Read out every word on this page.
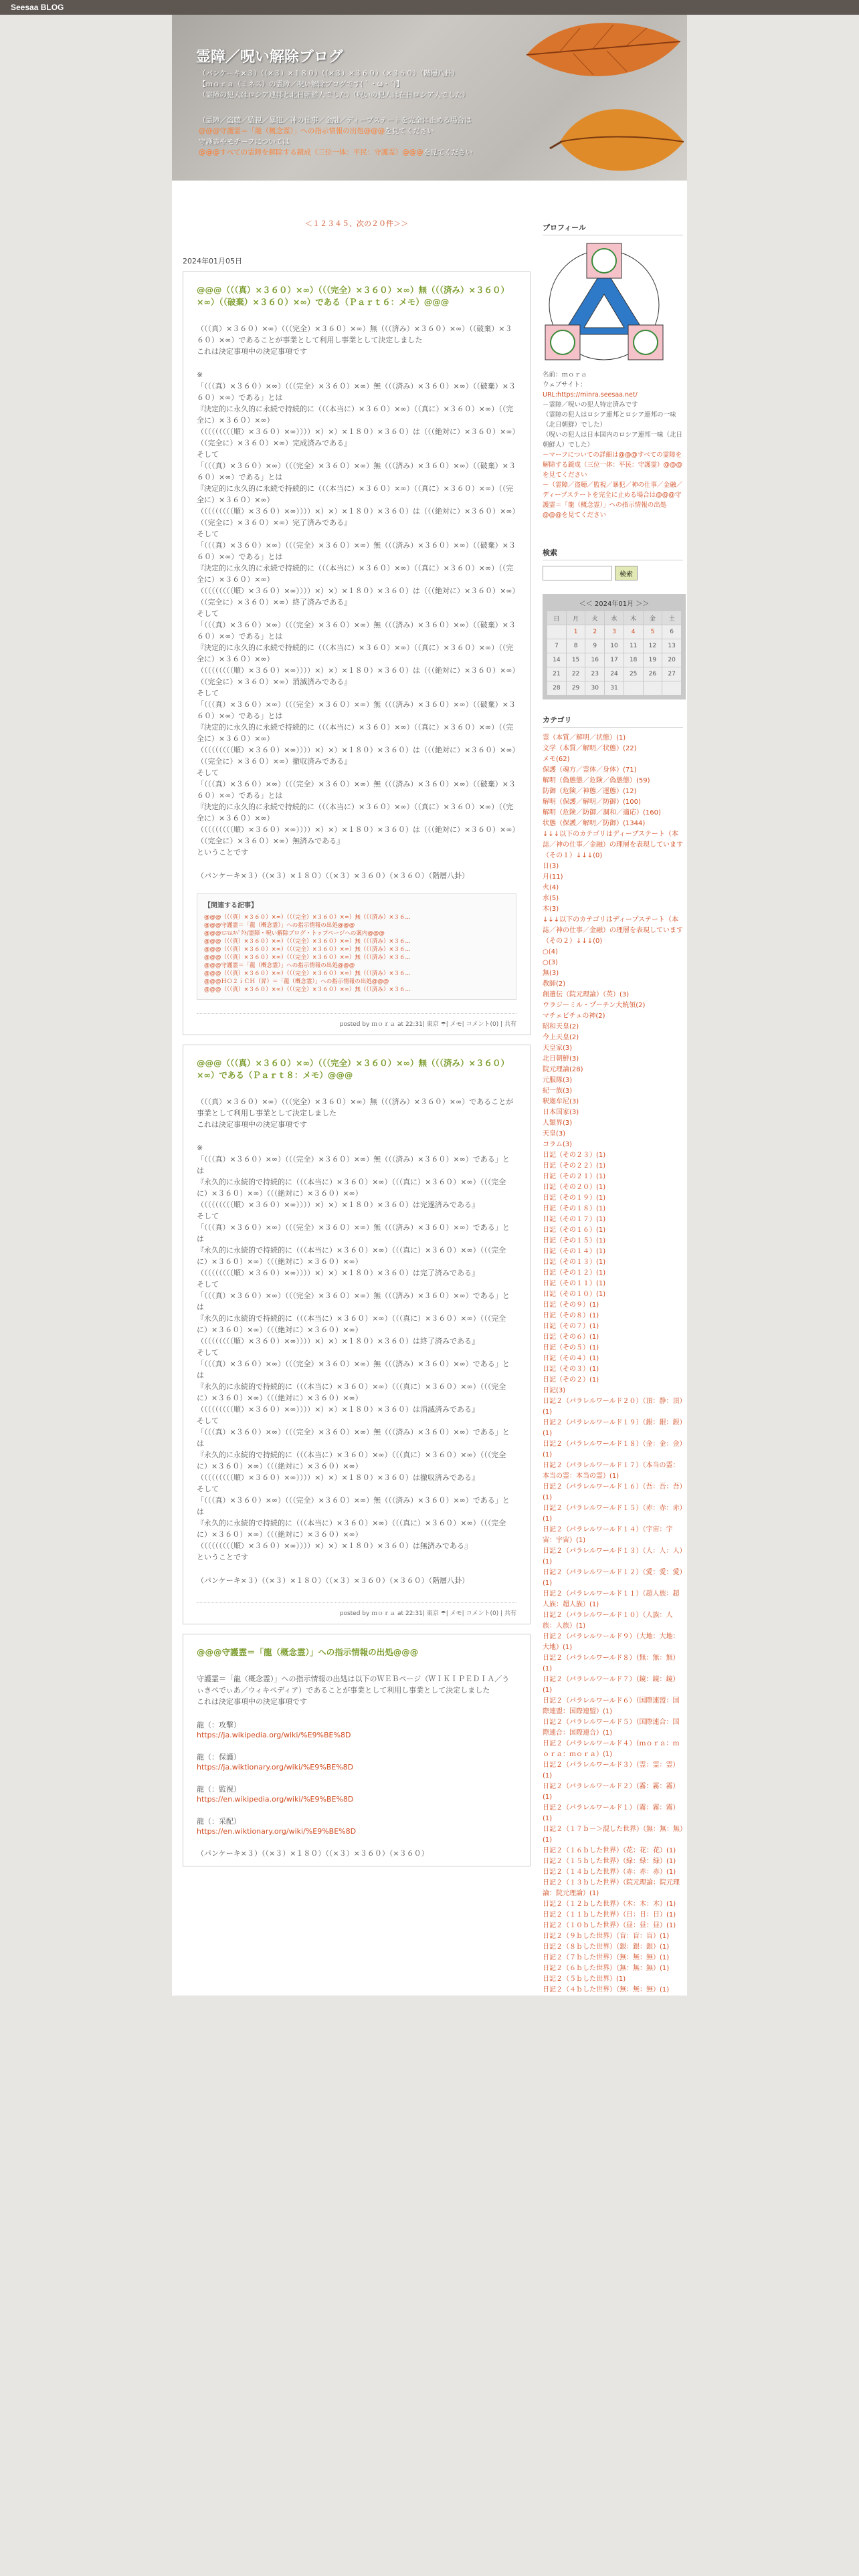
Seesaa BLOG
霊障／呪い解除ブログ
（パンケーキ×３）（（×３）×１８０）（（×３）×３６０）（×３６０）（階層八卦）
【ｍｏｒａ（ミネス）の霊障／呪い解除ブログです(｀・ω・´)】
（霊障の犯人はロシア連邦と北日朝鮮人でした）（呪いの犯人は在日ロシア人でした）
（霊障／盗聴／監視／暴犯／神の仕事／金融／ディープステートを完全に止める場合は
@@@守護霊＝「龍（概念霊）」への指示情報の出処@@@を見てください
守護霊やモチーフについては
@@@すべての霊障を解除する鏡成（三位一体：平民：守護霊）@@@を見てください
＜１２３４５、次の２０件＞＞
2024年01月05日
@@@（（（真）×３６０）×∞）（（（完全）×３６０）×∞）無（（（済み）×３６０）×∞）（（破棄）×３６０）×∞）である（Ｐａｒｔ６：メモ）@@@

（（（真）×３６０）×∞）（（（完全）×３６０）×∞）無（（（済み）×３６０）×∞）（（破棄）×３６０）×∞）であることが事業として利用し事業として決定しました

これは決定事項中の決定事項です

※

「（（（真）×３６０）×∞）（（（完全）×３６０）×∞）無（（（済み）×３６０）×∞）（（破棄）×３６０）×∞）である」とは

『決定的に永久的に永続で持続的に（（（本当に）×３６０）×∞）（（真に）×３６０）×∞）（（完全に）×３６０）×∞）

（（（（（（（（（順）×３６０）×∞））））×）×）×１８０）×３６０）は（（（絶対に）×３６０）×∞）（（完全に）×３６０）×∞）完成済みである』

そして

「（（（真）×３６０）×∞）（（（完全）×３６０）×∞）無（（（済み）×３６０）×∞）（（破棄）×３６０）×∞）である」とは

『決定的に永久的に永続で持続的に（（（本当に）×３６０）×∞）（（真に）×３６０）×∞）（（完全に）×３６０）×∞）

（（（（（（（（（順）×３６０）×∞））））×）×）×１８０）×３６０）は（（（絶対に）×３６０）×∞）（（完全に）×３６０）×∞）完了済みである』

そして

「（（（真）×３６０）×∞）（（（完全）×３６０）×∞）無（（（済み）×３６０）×∞）（（破棄）×３６０）×∞）である」とは

『決定的に永久的に永続で持続的に（（（本当に）×３６０）×∞）（（真に）×３６０）×∞）（（完全に）×３６０）×∞）

（（（（（（（（（順）×３６０）×∞））））×）×）×１８０）×３６０）は（（（絶対に）×３６０）×∞）（（完全に）×３６０）×∞）終了済みである』

そして

「（（（真）×３６０）×∞）（（（完全）×３６０）×∞）無（（（済み）×３６０）×∞）（（破棄）×３６０）×∞）である」とは

『決定的に永久的に永続で持続的に（（（本当に）×３６０）×∞）（（真に）×３６０）×∞）（（完全に）×３６０）×∞）

（（（（（（（（（順）×３６０）×∞））））×）×）×１８０）×３６０）は（（（絶対に）×３６０）×∞）（（完全に）×３６０）×∞）消滅済みである』

そして

「（（（真）×３６０）×∞）（（（完全）×３６０）×∞）無（（（済み）×３６０）×∞）（（破棄）×３６０）×∞）である」とは

『決定的に永久的に永続で持続的に（（（本当に）×３６０）×∞）（（真に）×３６０）×∞）（（完全に）×３６０）×∞）

（（（（（（（（（順）×３６０）×∞））））×）×）×１８０）×３６０）は（（（絶対に）×３６０）×∞）（（完全に）×３６０）×∞）撤収済みである』

そして

「（（（真）×３６０）×∞）（（（完全）×３６０）×∞）無（（（済み）×３６０）×∞）（（破棄）×３６０）×∞）である」とは

『決定的に永久的に永続で持続的に（（（本当に）×３６０）×∞）（（真に）×３６０）×∞）（（完全に）×３６０）×∞）

（（（（（（（（（順）×３６０）×∞））））×）×）×１８０）×３６０）は（（（絶対に）×３６０）×∞）（（完全に）×３６０）×∞）無済みである』

ということです

（パンケーキ×３）（（×３）×１８０）（（×３）×３６０）（×３６０）（階層八卦）

【関連する記事】
@@@（（（真）×３６０）×∞）（（（完全）×３６０）×∞）無（（（済み）×３６...
@@@守護霊＝「龍（概念霊）」への指示情報の出処@@@
@@@ﾐﾆﾏﾑｽﾍﾟｸﾄ/霊障・呪い解除ブログ・トップページへの案内@@@
@@@（（（真）×３６０）×∞）（（（完全）×３６０）×∞）無（（（済み）×３６...
@@@（（（真）×３６０）×∞）（（（完全）×３６０）×∞）無（（（済み）×３６...
@@@（（（真）×３６０）×∞）（（（完全）×３６０）×∞）無（（（済み）×３６...
@@@守護霊＝「龍（概念霊）」への指示情報の出処@@@
@@@（（（真）×３６０）×∞）（（（完全）×３６０）×∞）無（（（済み）×３６...
@@@ＨＯ２ｉＣＨ（昇）＝「龍（概念霊）」への指示情報の出処@@@
@@@（（（真）×３６０）×∞）（（（完全）×３６０）×∞）無（（（済み）×３６...
posted by ｍｏｒａ at 22:31| 東京 ☂| メモ| コメント(0) | 共有
@@@（（（真）×３６０）×∞）（（（完全）×３６０）×∞）無（（（済み）×３６０）×∞）である（Ｐａｒｔ８：メモ）@@@

（（（真）×３６０）×∞）（（（完全）×３６０）×∞）無（（（済み）×３６０）×∞）であることが事業として利用し事業として決定しました

これは決定事項中の決定事項です

※

「（（（真）×３６０）×∞）（（（完全）×３６０）×∞）無（（（済み）×３６０）×∞）である」とは

『永久的に永続的で持続的に（（（本当に）×３６０）×∞）（（（真に）×３６０）×∞）（（（完全に）×３６０）×∞）（（（絶対に）×３６０）×∞）

（（（（（（（（（順）×３６０）×∞））））×）×）×１８０）×３６０）は完遂済みである』

そして

「（（（真）×３６０）×∞）（（（完全）×３６０）×∞）無（（（済み）×３６０）×∞）である」とは

『永久的に永続的で持続的に（（（本当に）×３６０）×∞）（（（真に）×３６０）×∞）（（（完全に）×３６０）×∞）（（（絶対に）×３６０）×∞）

（（（（（（（（（順）×３６０）×∞））））×）×）×１８０）×３６０）は完了済みである』

そして

「（（（真）×３６０）×∞）（（（完全）×３６０）×∞）無（（（済み）×３６０）×∞）である」とは

『永久的に永続的で持続的に（（（本当に）×３６０）×∞）（（（真に）×３６０）×∞）（（（完全に）×３６０）×∞）（（（絶対に）×３６０）×∞）

（（（（（（（（（順）×３６０）×∞））））×）×）×１８０）×３６０）は終了済みである』

そして

「（（（真）×３６０）×∞）（（（完全）×３６０）×∞）無（（（済み）×３６０）×∞）である」とは

『永久的に永続的で持続的に（（（本当に）×３６０）×∞）（（（真に）×３６０）×∞）（（（完全に）×３６０）×∞）（（（絶対に）×３６０）×∞）

（（（（（（（（（順）×３６０）×∞））））×）×）×１８０）×３６０）は消滅済みである』

そして

「（（（真）×３６０）×∞）（（（完全）×３６０）×∞）無（（（済み）×３６０）×∞）である」とは

『永久的に永続的で持続的に（（（本当に）×３６０）×∞）（（（真に）×３６０）×∞）（（（完全に）×３６０）×∞）（（（絶対に）×３６０）×∞）

（（（（（（（（（順）×３６０）×∞））））×）×）×１８０）×３６０）は撤収済みである』

そして

「（（（真）×３６０）×∞）（（（完全）×３６０）×∞）無（（（済み）×３６０）×∞）である」とは

『永久的に永続的で持続的に（（（本当に）×３６０）×∞）（（（真に）×３６０）×∞）（（（完全に）×３６０）×∞）（（（絶対に）×３６０）×∞）

（（（（（（（（（順）×３６０）×∞））））×）×）×１８０）×３６０）は無済みである』

ということです

（パンケーキ×３）（（×３）×１８０）（（×３）×３６０）（×３６０）（階層八卦）

posted by ｍｏｒａ at 22:31| 東京 ☂| メモ| コメント(0) | 共有
@@@守護霊＝「龍（概念霊）」への指示情報の出処@@@

守護霊＝「龍（概念霊）」への指示情報の出処は以下のＷＥＢページ（ＷＩＫＩＰＥＤＩＡ／うぃきぺでぃあ／ウィキペディア）であることが事業として利用し事業として決定しました

これは決定事項中の決定事項です

龍（：攻撃）

https://ja.wikipedia.org/wiki/%E9%BE%8D

龍（：保護）

https://ja.wiktionary.org/wiki/%E9%BE%8D

龍（：監視）

https://en.wikipedia.org/wiki/%E9%BE%8D

龍（：采配）

https://en.wiktionary.org/wiki/%E9%BE%8D

（パンケーキ×３）（（×３）×１８０）（（×３）×３６０）（×３６０）

プロフィール

名前：ｍｏｒａ

ウェブサイト：

URL:https://minra.seesaa.net/

－霊障／呪いの犯人特定済みです

（霊障の犯人はロシア連邦とロシア連邦の一味（北日朝鮮）でした）

（呪いの犯人は日本国内のロシア連邦一味（北日朝鮮人）でした）

－マーフについての詳細は@@@すべての霊障を解除する鏡成（三位一体：平民：守護霊）@@@を見てください

－（霊障／盗聴／監視／暴犯／神の仕事／金融／ディープステートを完全に止める場合は@@@守護霊＝「龍（概念霊）」への指示情報の出処@@@を見てください

検索
検索
＜＜ 2024年01月 ＞＞
日	月	火	水	木	金	土
	1	2	3	4	5	6
7	8	9	10	11	12	13
14	15	16	17	18	19	20
21	22	23	24	25	26	27
28	29	30	31			
カテゴリ
霊（本質／解明／状態）(1)
文学（本質／解明／状態）(22)
メモ(62)
保護（魂方／霊体／身体）(71)
解明（偽態態／危険／偽態態）(59)
防御（危険／神態／運態）(12)
解明（保護／解明／防御）(100)
解明（危険／防御／調和／適応）(160)
状態（保護／解明／防御）(1344)
↓↓↓以下のカテゴリはディープステート（本誌／神の仕事／金融）の理層を表現しています（その１）↓↓↓(0)
日(3)
月(11)
火(4)
水(5)
木(3)
↓↓↓以下のカテゴリはディープステート（本誌／神の仕事／金融）の理層を表現しています（その２）↓↓↓(0)
○(4)
○(3)
無(3)
教師(2)
創遺伝（院元理論）（英）(3)
ウラジーミル・プーチン大統領(2)
マチェビチュの神(2)
昭和天皇(2)
今上天皇(2)
天皇家(3)
北日朝鮮(3)
院元理論(28)
元服隊(3)
紀一族(3)
釈迦牟尼(3)
日本国家(3)
人類界(3)
天皇(3)
コラム(3)
日記（その２３）(1)
日記（その２２）(1)
日記（その２１）(1)
日記（その２０）(1)
日記（その１９）(1)
日記（その１８）(1)
日記（その１７）(1)
日記（その１６）(1)
日記（その１５）(1)
日記（その１４）(1)
日記（その１３）(1)
日記（その１２）(1)
日記（その１１）(1)
日記（その１０）(1)
日記（その９）(1)
日記（その８）(1)
日記（その７）(1)
日記（その６）(1)
日記（その５）(1)
日記（その４）(1)
日記（その３）(1)
日記（その２）(1)
日記(3)
日記２（パラレルワールド２０）（頂：静：頂）(1)
日記２（パラレルワールド１９）（銀：銀：銀）(1)
日記２（パラレルワールド１８）（金：金：金）(1)
日記２（パラレルワールド１７）（本当の霊：本当の霊：本当の霊）(1)
日記２（パラレルワールド１６）（吾：吾：吾）(1)
日記２（パラレルワールド１５）（赤：赤：赤）(1)
日記２（パラレルワールド１４）（宇宙：宇宙：宇宙）(1)
日記２（パラレルワールド１３）（人：人：人）(1)
日記２（パラレルワールド１２）（愛：愛：愛）(1)
日記２（パラレルワールド１１）（超人族：超人族：超人族）(1)
日記２（パラレルワールド１０）（人族：人族：人族）(1)
日記２（パラレルワールド９）（大地：大地：大地）(1)
日記２（パラレルワールド８）（無：無：無）(1)
日記２（パラレルワールド７）（鏡：鏡：鏡）(1)
日記２（パラレルワールド６）（国際連盟：国際連盟：国際連盟）(1)
日記２（パラレルワールド５）（国際連合：国際連合：国際連合）(1)
日記２（パラレルワールド４）（ｍｏｒａ：ｍｏｒａ：ｍｏｒａ）(1)
日記２（パラレルワールド３）（霊：霊：霊）(1)
日記２（パラレルワールド２）（霧：霧：霧）(1)
日記２（パラレルワールド１）（霧：霧：霧）(1)
日記２（１７ｂ－＞混した世界）（無：無：無）(1)
日記２（１６ｂした世界）（花：花：花）(1)
日記２（１５ｂした世界）（緑：緑：緑）(1)
日記２（１４ｂした世界）（赤：赤：赤）(1)
日記２（１３ｂした世界）（院元理論：院元理論：院元理論）(1)
日記２（１２ｂした世界）（木：木：木）(1)
日記２（１１ｂした世界）（日：日：日）(1)
日記２（１０ｂした世界）（昼：昼：昼）(1)
日記２（９ｂした世界）（盲：盲：盲）(1)
日記２（８ｂした世界）（銀：銀：銀）(1)
日記２（７ｂした世界）（無：無：無）(1)
日記２（６ｂした世界）（無：無：無）(1)
日記２（５ｂした世界）(1)
日記２（４ｂした世界）（無：無：無）(1)
